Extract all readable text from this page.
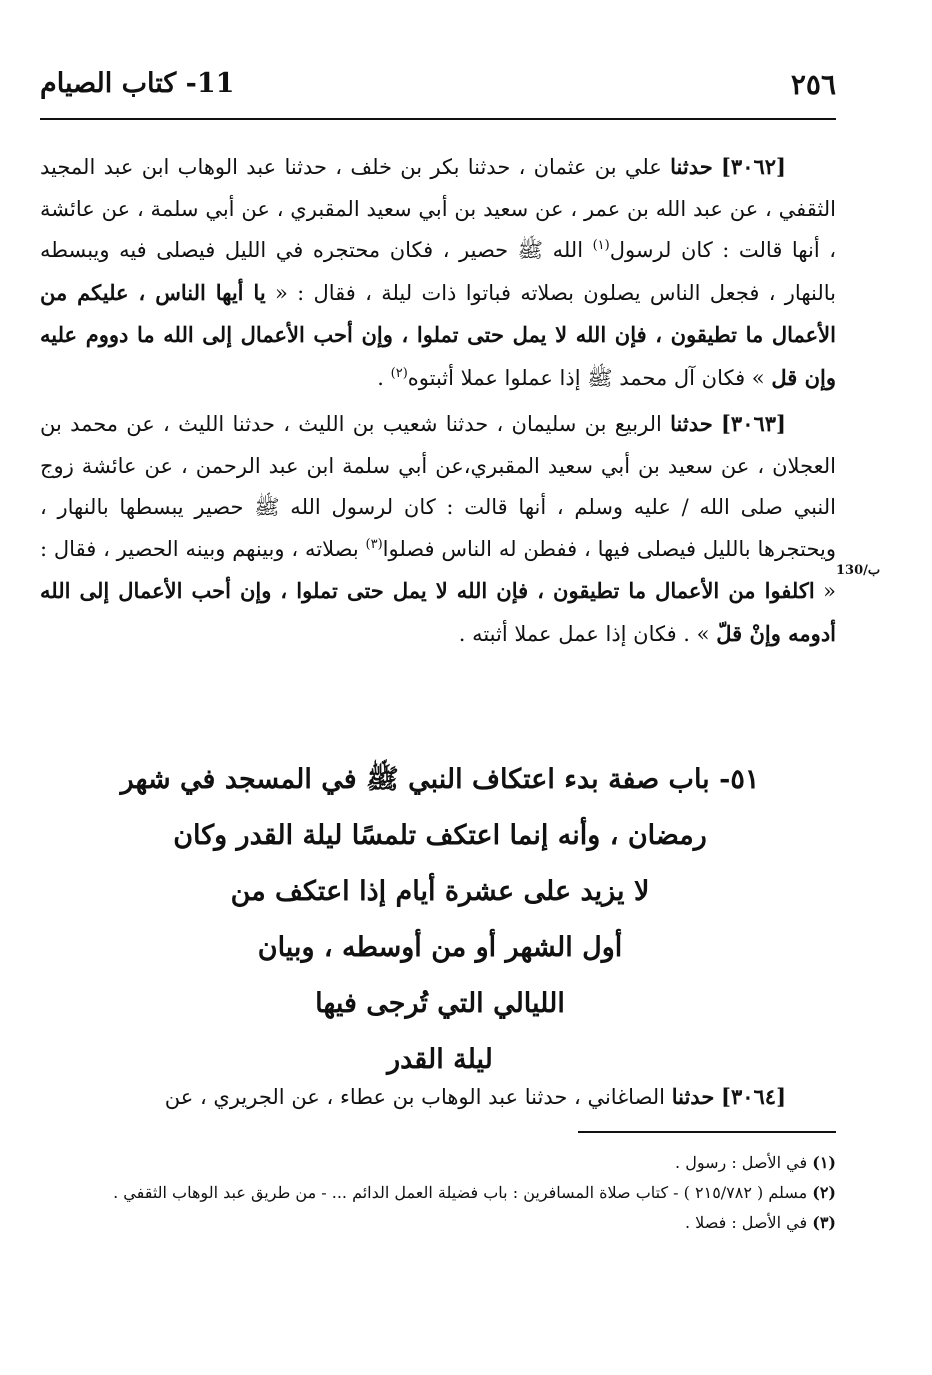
٢٥٦
11- كتاب الصيام

[٣٠٦٢] حدثنا علي بن عثمان ، حدثنا بكر بن خلف ، حدثنا عبد الوهاب ابن عبد المجيد الثقفي ، عن عبد الله بن عمر ، عن سعيد بن أبي سعيد المقبري ، عن أبي سلمة ، عن عائشة ، أنها قالت : كان لرسول$^{(١)}$ الله ﷺ حصير ، فكان محتجره في الليل فيصلى فيه ويبسطه بالنهار ، فجعل الناس يصلون بصلاته فباتوا ذات ليلة ، فقال : « يا أيها الناس ، عليكم من الأعمال ما تطيقون ، فإن الله لا يمل حتى تملوا ، وإن أحب الأعمال إلى الله ما دووم عليه وإن قل » فكان آل محمد ﷺ إذا عملوا عملا أثبتوه$^{(٢)}$ .

[٣٠٦٣] حدثنا الربيع بن سليمان ، حدثنا شعيب بن الليث ، حدثنا الليث ، عن محمد بن العجلان ، عن سعيد بن أبي سعيد المقبري،عن أبي سلمة ابن عبد الرحمن ، عن عائشة زوج النبي صلى الله / عليه وسلم ، أنها قالت : كان لرسول الله ﷺ حصير يبسطها بالنهار ، ويحتجرها بالليل فيصلى فيها ، ففطن له الناس فصلوا$^{(٣)}$ بصلاته ، وبينهم وبينه الحصير ، فقال : « اكلفوا من الأعمال ما تطيقون ، فإن الله لا يمل حتى تملوا ، وإن أحب الأعمال إلى الله أدومه وإنْ قلّ » . فكان إذا عمل عملا أثبته .

130/ب
٥١- باب صفة بدء اعتكاف النبي ﷺ في المسجد في شهر
رمضان ، وأنه إنما اعتكف تلمسًا ليلة القدر وكان
لا يزيد على عشرة أيام إذا اعتكف من
أول الشهر أو من أوسطه ، وبيان
الليالي التي تُرجى فيها
ليلة القدر

[٣٠٦٤] حدثنا الصاغاني ، حدثنا عبد الوهاب بن عطاء ، عن الجريري ، عن

(١) في الأصل : رسول .

(٢) مسلم ( ٢١٥/٧٨٢ ) - كتاب صلاة المسافرين : باب فضيلة العمل الدائم ... - من طريق عبد الوهاب الثقفي .

(٣) في الأصل : فصلا .
